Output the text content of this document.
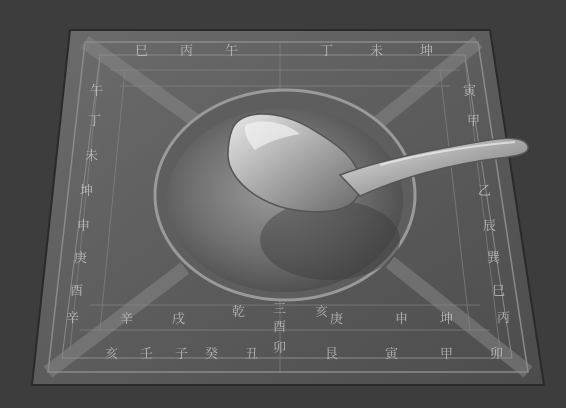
巳 丙 午	丁	未	坤
午
丁
未
坤
申
庚
酉
辛
寅
甲
乙
辰
巽
巳
丙
辛	戌	乾	亥	申
庚	坤
三
酉
卯
亥 壬 子 癸 丑	艮	寅	甲	卯
